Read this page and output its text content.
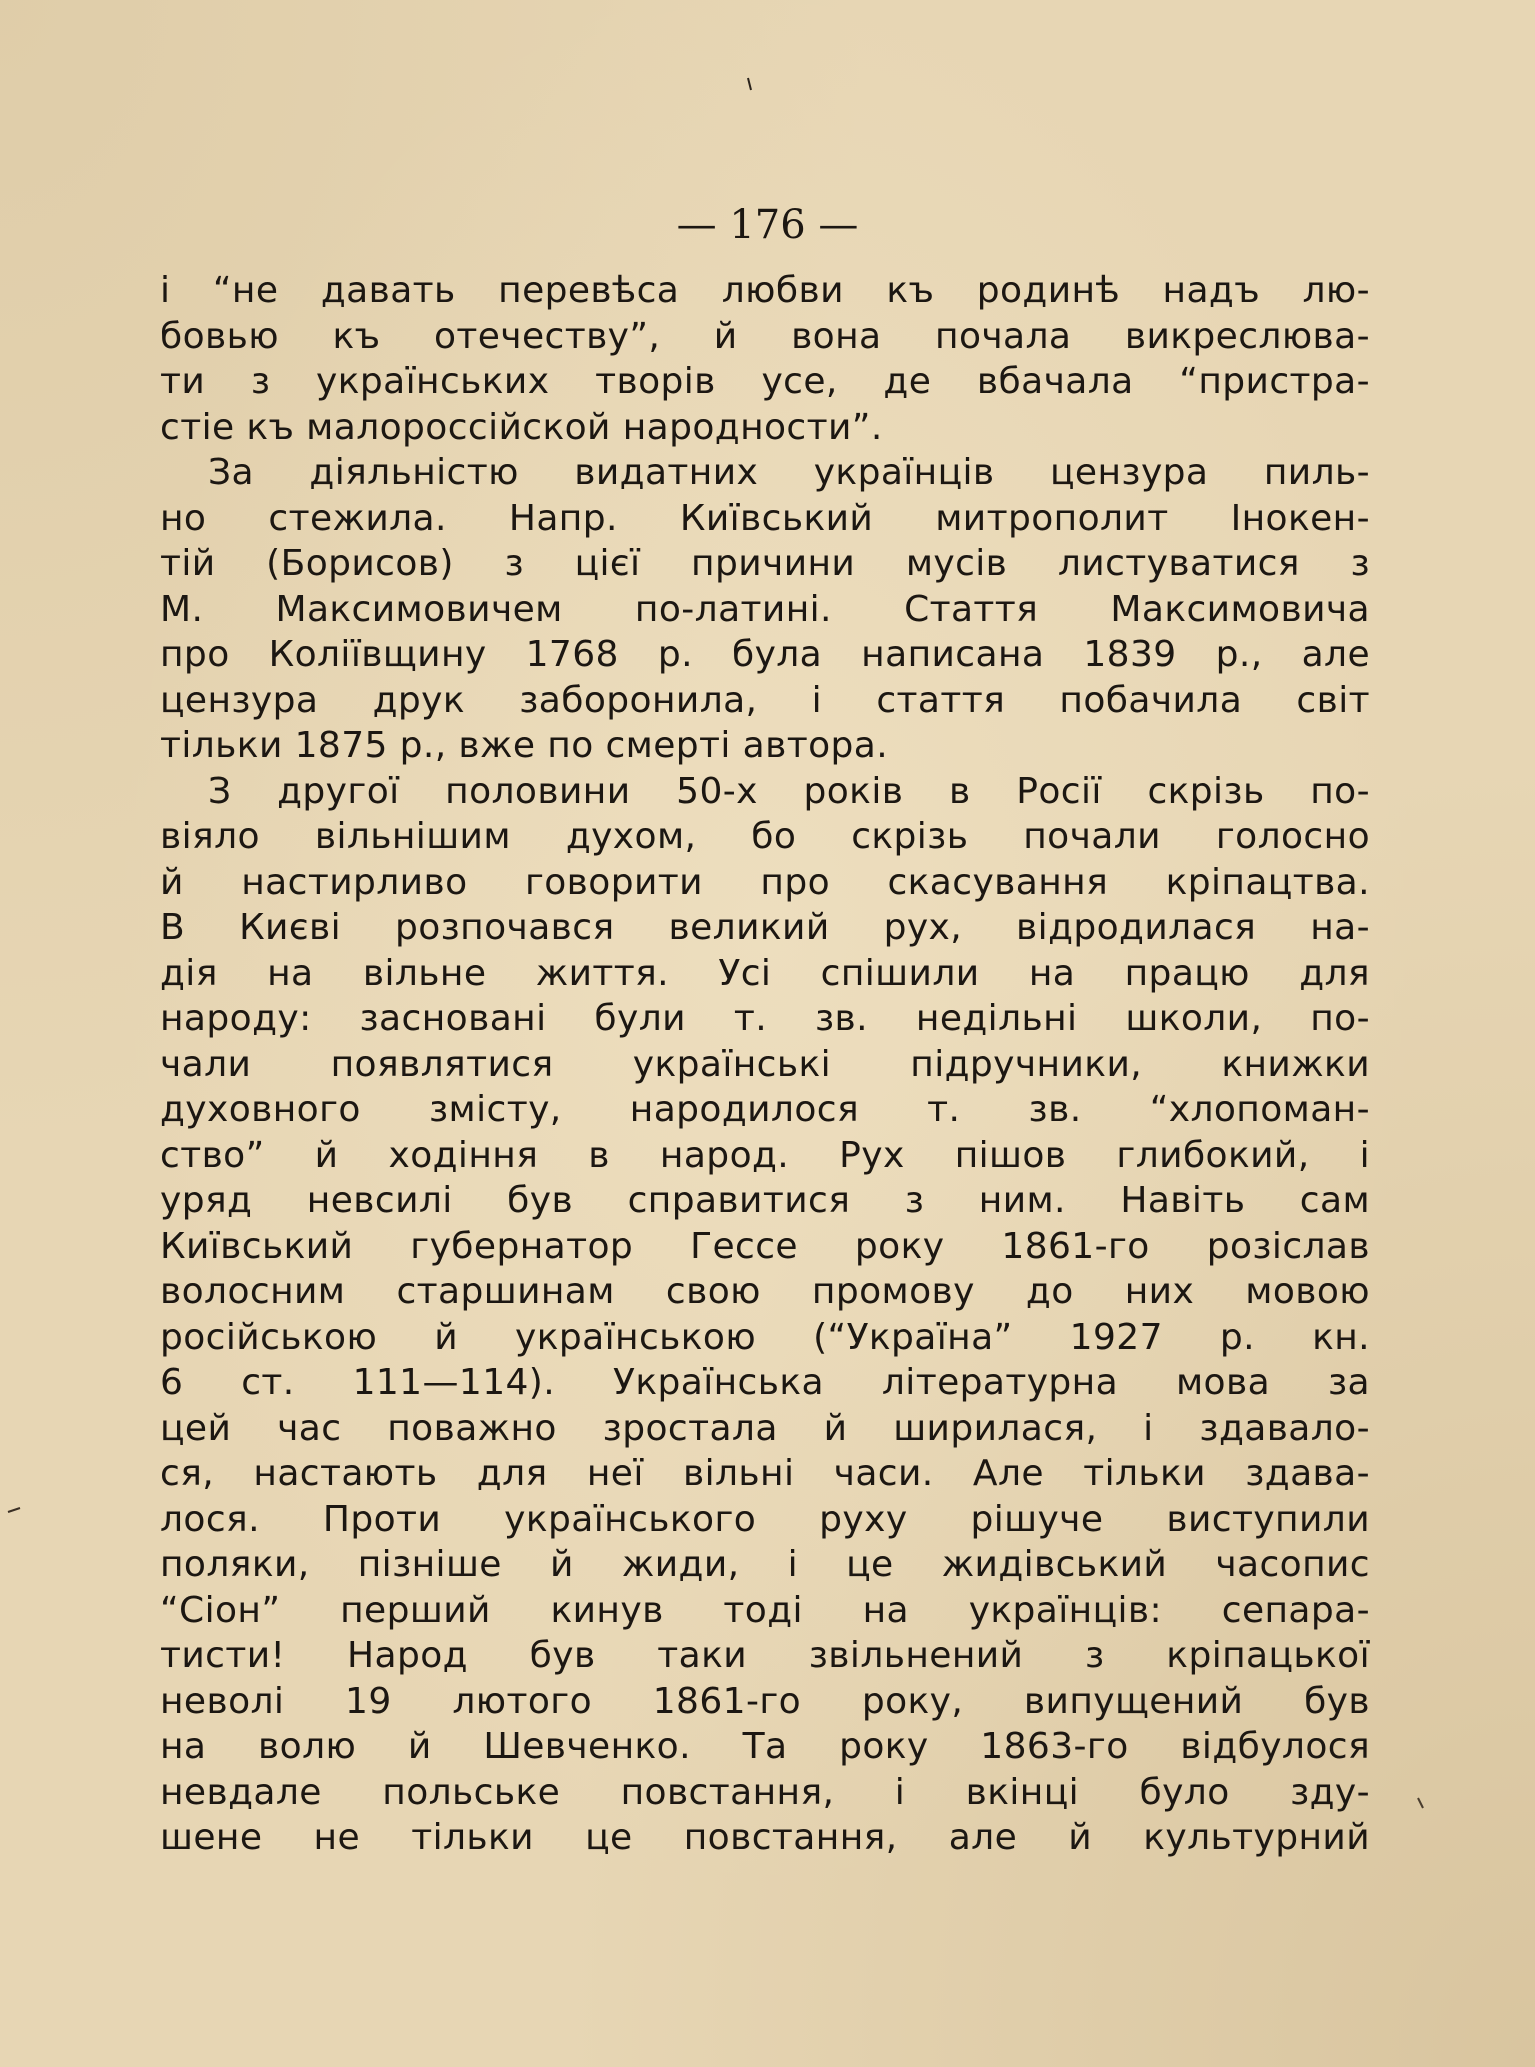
— 176 —
і “не давать перевѣса любви къ родинѣ надъ лю-
бовью къ отечеству”, й вона почала викреслюва-
ти з українських творів усе, де вбачала “пристра-
стіе къ малороссійской народности”.
За діяльністю видатних українців цензура пиль-
но стежила. Напр. Київський митрополит Інокен-
тій (Борисов) з цієї причини мусів листуватися з
М. Максимовичем по-латині. Стаття Максимовича
про Коліївщину 1768 р. була написана 1839 р., але
цензура друк заборонила, і стаття побачила світ
тільки 1875 р., вже по смерті автора.
З другої половини 50-х років в Росії скрізь по-
віяло вільнішим духом, бо скрізь почали голосно
й настирливо говорити про скасування кріпацтва.
В Києві розпочався великий рух, відродилася на-
дія на вільне життя. Усі спішили на працю для
народу: засновані були т. зв. недільні школи, по-
чали появлятися українські підручники, книжки
духовного змісту, народилося т. зв. “хлопоман-
ство” й ходіння в народ. Рух пішов глибокий, і
уряд невсилі був справитися з ним. Навіть сам
Київський губернатор Гессе року 1861-го розіслав
волосним старшинам свою промову до них мовою
російською й українською (“Україна” 1927 р. кн.
6 ст. 111—114). Українська літературна мова за
цей час поважно зростала й ширилася, і здавало-
ся, настають для неї вільні часи. Але тільки здава-
лося. Проти українського руху рішуче виступили
поляки, пізніше й жиди, і це жидівський часопис
“Сіон” перший кинув тоді на українців: сепара-
тисти! Народ був таки звільнений з кріпацької
неволі 19 лютого 1861-го року, випущений був
на волю й Шевченко. Та року 1863-го відбулося
невдале польське повстання, і вкінці було зду-
шене не тільки це повстання, але й культурний
